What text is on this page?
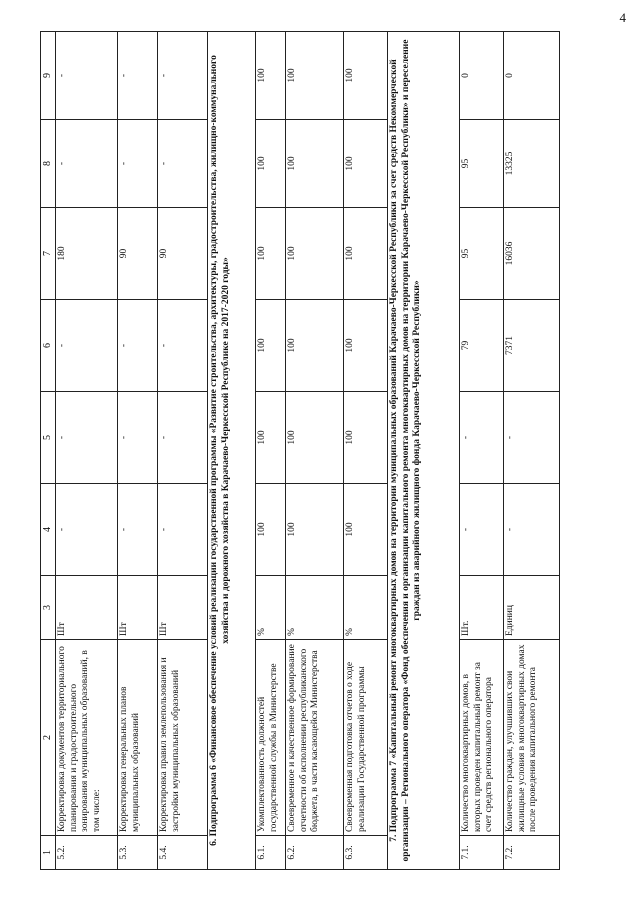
4
1	2	3	4	5	6	7	8	9
5.2.	Корректировка документов территориального планирования и градостроительного зонирования муниципальных образований, в том числе:	Шт	-	-	-	180	-	-
5.3.	Корректировка генеральных планов муниципальных образований	Шт	-	-	-	90	-	-
5.4.	Корректировка правил землепользования и застройки муниципальных образований	Шт	-	-	-	90	-	-
6. Подпрограмма 6 «Финансовое обеспечение условий реализации государственной программы «Развитие строительства, архитектуры, градостроительства, жилищно-коммунального хозяйства и дорожного хозяйства в Карачаево-Черкесской Республике на 2017-2020 годы»								
6.1.	Укомплектованность должностей государственной службы в Министерстве	%	100	100	100	100	100	100
6.2.	Своевременное и качественное формирование отчетности об исполнении республиканского бюджета, в части касающейся Министерства	%	100	100	100	100	100	100
6.3.	Своевременная подготовка отчетов о ходе реализации Государственной программы	%	100	100	100	100	100	100
7. Подпрограмма 7 «Капитальный ремонт многоквартирных домов на территории муниципальных образований Карачаево-Черкесской Республики за счет средств Некоммерческой организации – Регионального оператора «Фонд обеспечения и организации капитального ремонта многоквартирных домов на территории Карачаево-Черкесской Республики» и переселение граждан из аварийного жилищного фонда Карачаево-Черкесской Республики»								
7.1.	Количество многоквартирных домов, в которых проведен капитальный ремонт за счет средств регионального оператора	Шт.	-	-	79	95	95	0
7.2.	Количество граждан, улучшивших свои жилищные условия в многоквартирных домах после проведения капитального ремонта	Единиц	-	-	7371	16036	13325	0
